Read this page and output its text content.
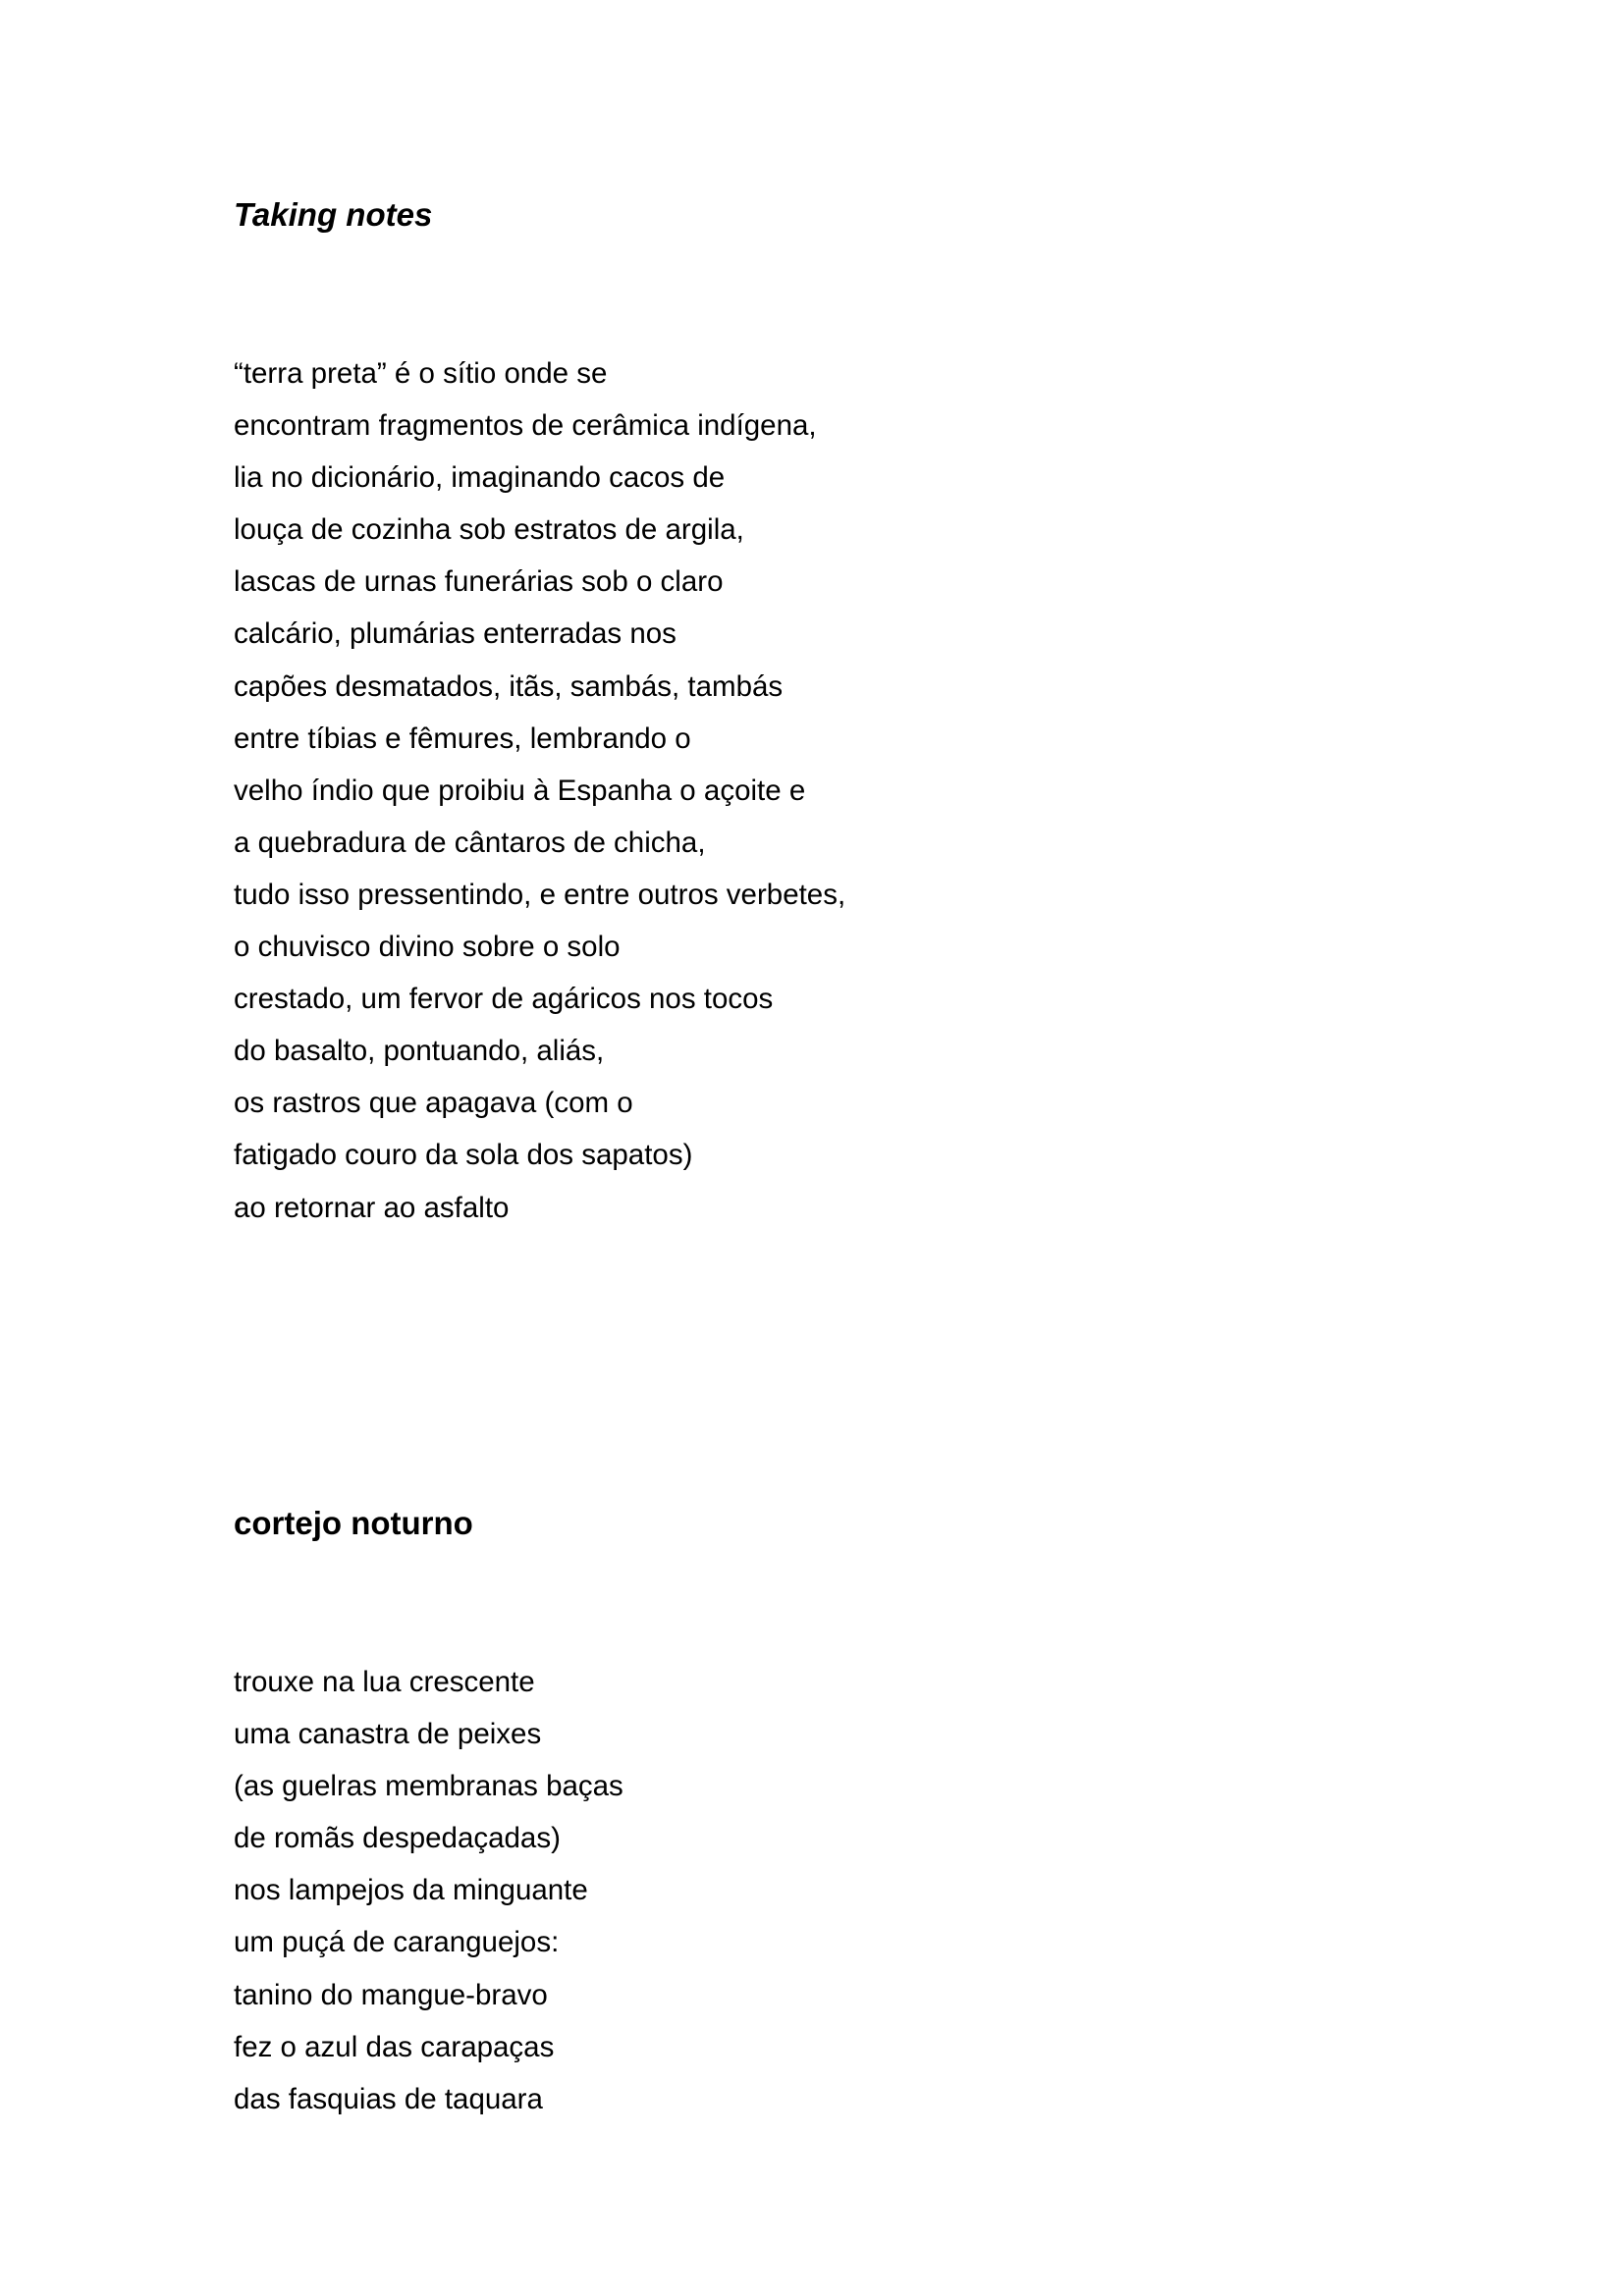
Taking notes
“terra preta” é o sítio onde se
encontram fragmentos de cerâmica indígena,
lia no dicionário, imaginando cacos de
louça de cozinha sob estratos de argila,
lascas de urnas funerárias sob o claro
calcário, plumárias enterradas nos
capões desmatados, itãs, sambás, tambás
entre tíbias e fêmures, lembrando o
velho índio que proibiu à Espanha o açoite e
a quebradura de cântaros de chicha,
tudo isso pressentindo, e entre outros verbetes,
o chuvisco divino sobre o solo
crestado, um fervor de agáricos nos tocos
do basalto, pontuando, aliás,
os rastros que apagava (com o
fatigado couro da sola dos sapatos)
ao retornar ao asfalto
cortejo noturno
trouxe na lua crescente
uma canastra de peixes
(as guelras membranas baças
de romãs despedaçadas)
nos lampejos da minguante
um puçá de caranguejos:
tanino do mangue-bravo
fez o azul das carapaças
das fasquias de taquara
